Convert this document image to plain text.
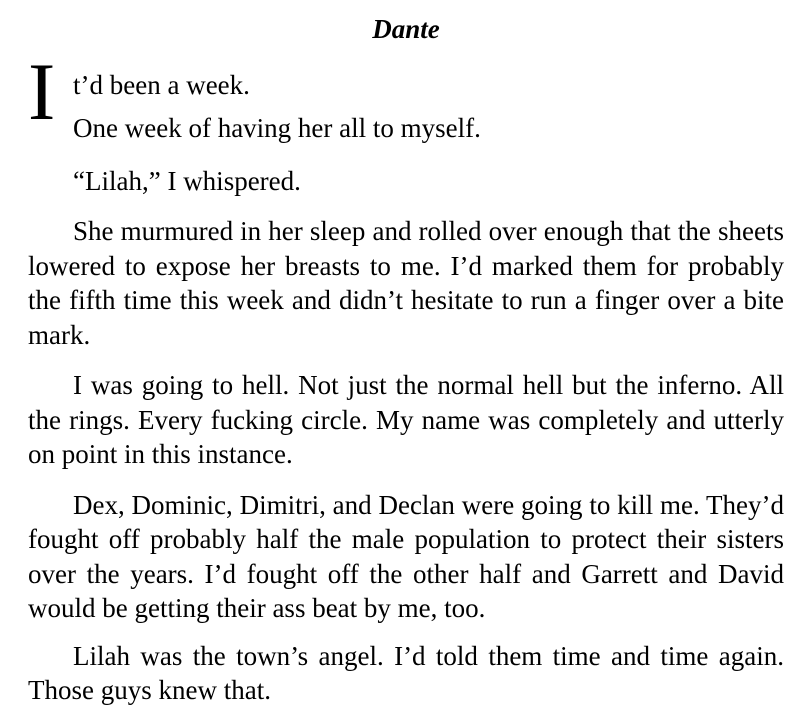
Dante
I t’d been a week.

One week of having her all to myself.

“Lilah,” I whispered.

She murmured in her sleep and rolled over enough that the sheets lowered to expose her breasts to me. I’d marked them for probably the fifth time this week and didn’t hesitate to run a finger over a bite mark.

I was going to hell. Not just the normal hell but the inferno. All the rings. Every fucking circle. My name was completely and utterly on point in this instance.

Dex, Dominic, Dimitri, and Declan were going to kill me. They’d fought off probably half the male population to protect their sisters over the years. I’d fought off the other half and Garrett and David would be getting their ass beat by me, too.

Lilah was the town’s angel. I’d told them time and time again. Those guys knew that.
